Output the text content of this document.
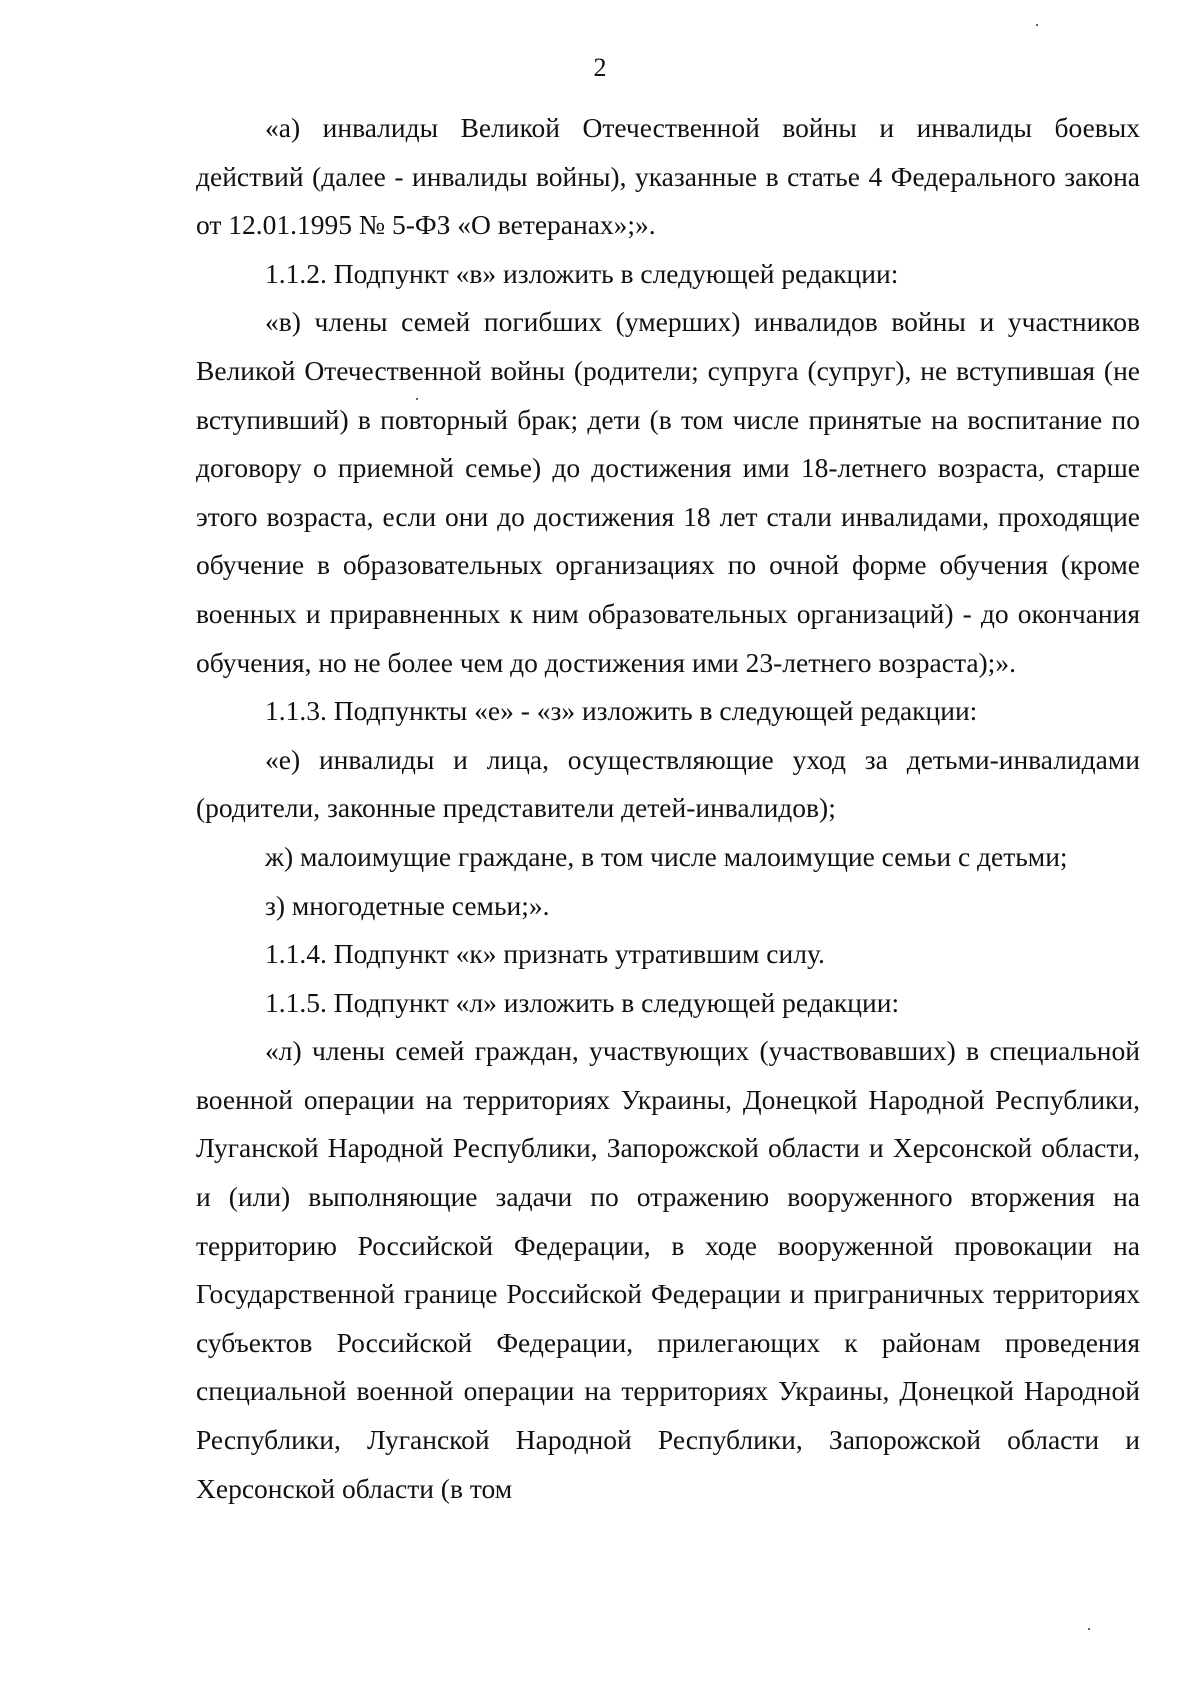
2

«а) инвалиды Великой Отечественной войны и инвалиды боевых действий (далее - инвалиды войны), указанные в статье 4 Федерального закона от 12.01.1995 № 5-ФЗ «О ветеранах»;».

1.1.2. Подпункт «в» изложить в следующей редакции:

«в) члены семей погибших (умерших) инвалидов войны и участников Великой Отечественной войны (родители; супруга (супруг), не вступившая (не вступивший) в повторный брак; дети (в том числе принятые на воспитание по договору о приемной семье) до достижения ими 18-летнего возраста, старше этого возраста, если они до достижения 18 лет стали инвалидами, проходящие обучение в образовательных организациях по очной форме обучения (кроме военных и приравненных к ним образовательных организаций) - до окончания обучения, но не более чем до достижения ими 23-летнего возраста);».

1.1.3. Подпункты «е» - «з» изложить в следующей редакции:

«е) инвалиды и лица, осуществляющие уход за детьми-инвалидами (родители, законные представители детей-инвалидов);

ж) малоимущие граждане, в том числе малоимущие семьи с детьми;

з) многодетные семьи;».

1.1.4. Подпункт «к» признать утратившим силу.

1.1.5. Подпункт «л» изложить в следующей редакции:

«л) члены семей граждан, участвующих (участвовавших) в специальной военной операции на территориях Украины, Донецкой Народной Республики, Луганской Народной Республики, Запорожской области и Херсонской области, и (или) выполняющие задачи по отражению вооруженного вторжения на территорию Российской Федерации, в ходе вооруженной провокации на Государственной границе Российской Федерации и приграничных территориях субъектов Российской Федерации, прилегающих к районам проведения специальной военной операции на территориях Украины, Донецкой Народной Республики, Луганской Народной Республики, Запорожской области и Херсонской области (в том
